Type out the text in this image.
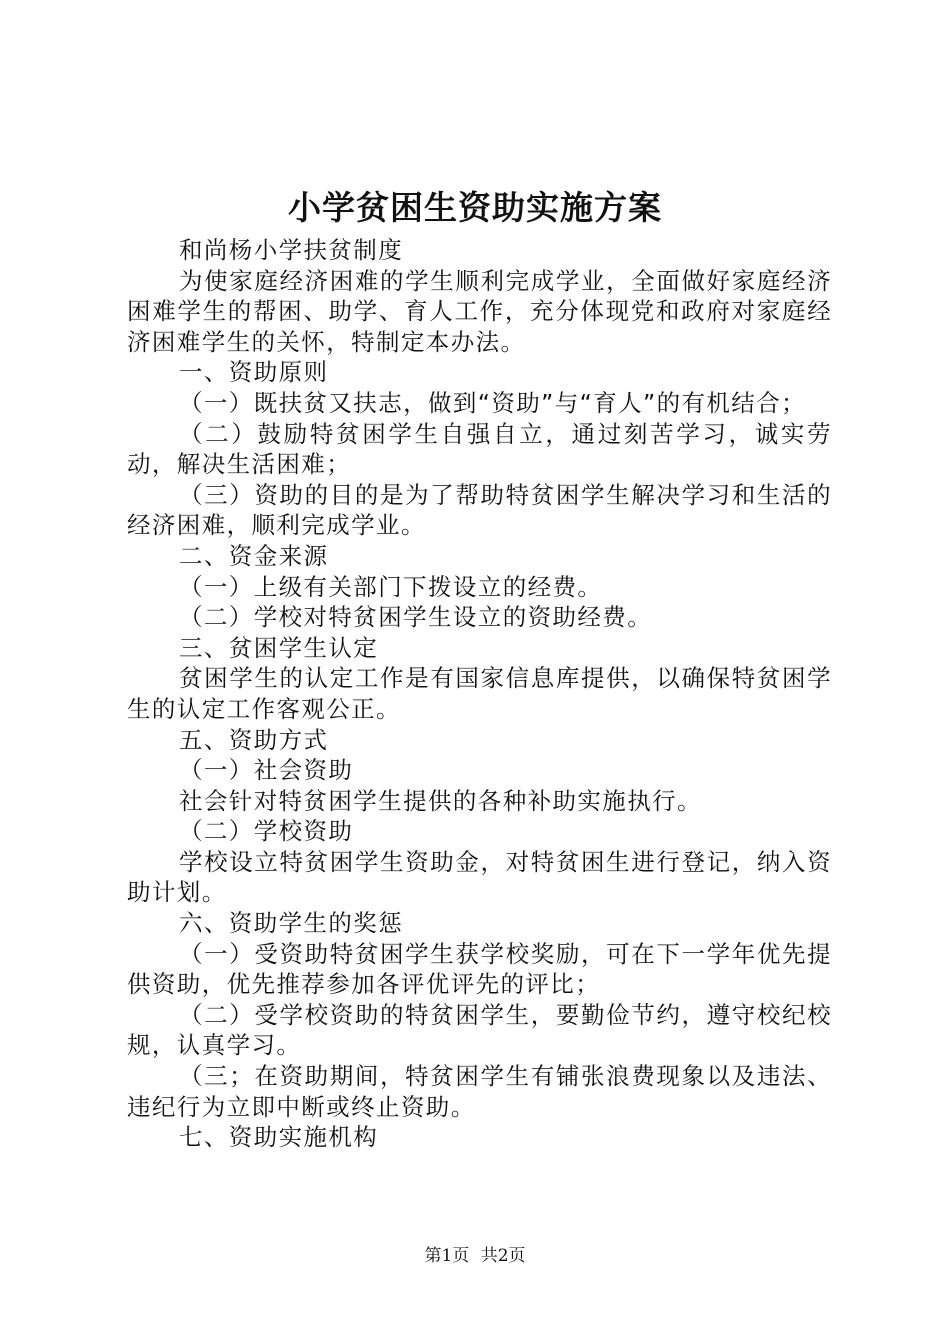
小学贫困生资助实施方案

和尚杨小学扶贫制度

为使家庭经济困难的学生顺利完成学业，全面做好家庭经济困难学生的帮困、助学、育人工作，充分体现党和政府对家庭经济困难学生的关怀，特制定本办法。

一、资助原则

（一）既扶贫又扶志，做到“资助”与“育人”的有机结合；

（二）鼓励特贫困学生自强自立，通过刻苦学习，诚实劳动，解决生活困难；

（三）资助的目的是为了帮助特贫困学生解决学习和生活的经济困难，顺利完成学业。

二、资金来源

（一）上级有关部门下拨设立的经费。

（二）学校对特贫困学生设立的资助经费。

三、贫困学生认定

贫困学生的认定工作是有国家信息库提供，以确保特贫困学生的认定工作客观公正。

五、资助方式

（一）社会资助

社会针对特贫困学生提供的各种补助实施执行。

（二）学校资助

学校设立特贫困学生资助金，对特贫困生进行登记，纳入资助计划。

六、资助学生的奖惩

（一）受资助特贫困学生获学校奖励，可在下一学年优先提供资助，优先推荐参加各评优评先的评比；

（二）受学校资助的特贫困学生，要勤俭节约，遵守校纪校规，认真学习。

（三；在资助期间，特贫困学生有铺张浪费现象以及违法、违纪行为立即中断或终止资助。

七、资助实施机构

第1页 共2页
